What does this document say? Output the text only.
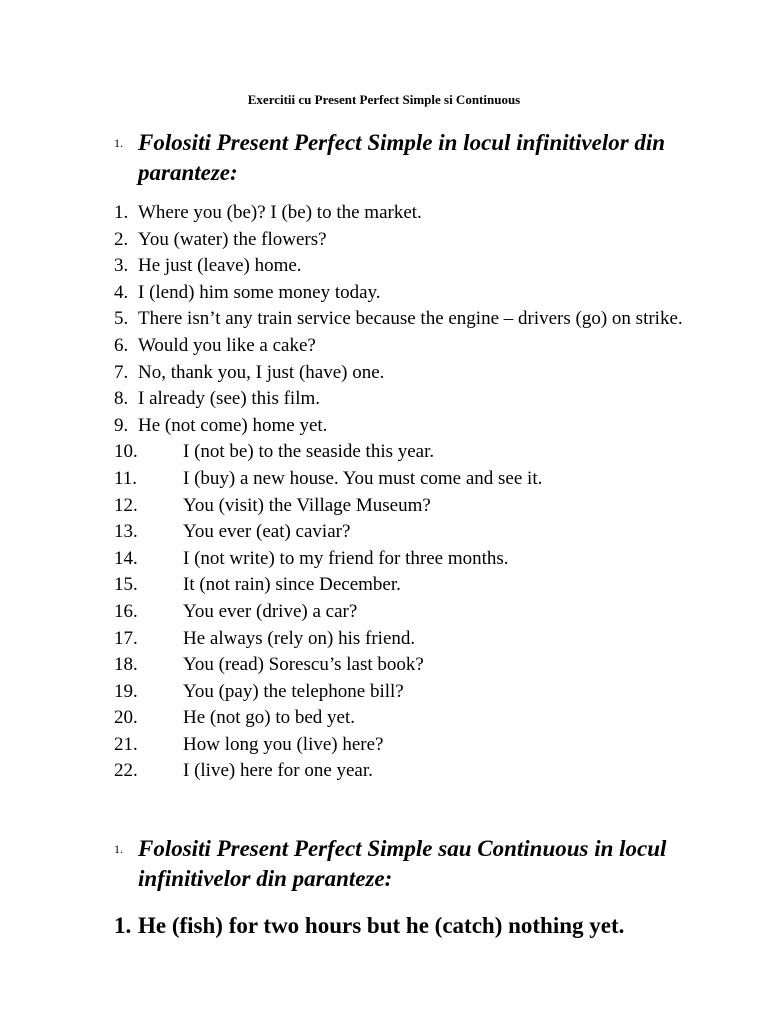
Exercitii cu Present Perfect Simple si Continuous
1. Folositi Present Perfect Simple in locul infinitivelor din paranteze:
1. Where you (be)? I (be) to the market.
2. You (water) the flowers?
3. He just (leave) home.
4. I (lend) him some money today.
5. There isn’t any train service because the engine – drivers (go) on strike.
6. Would you like a cake?
7. No, thank you, I just (have) one.
8. I already (see) this film.
9. He (not come) home yet.
10.	I (not be) to the seaside this year.
11.	I (buy) a new house. You must come and see it.
12.	You (visit) the Village Museum?
13.	You ever (eat) caviar?
14.	I (not write) to my friend for three months.
15.	It (not rain) since December.
16.	You ever (drive) a car?
17.	He always (rely on) his friend.
18.	You (read) Sorescu’s last book?
19.	You (pay) the telephone bill?
20.	He (not go) to bed yet.
21.	How long you (live) here?
22.	I (live) here for one year.
1. Folositi Present Perfect Simple sau Continuous in locul infinitivelor din paranteze:
1. He (fish) for two hours but he (catch) nothing yet.
